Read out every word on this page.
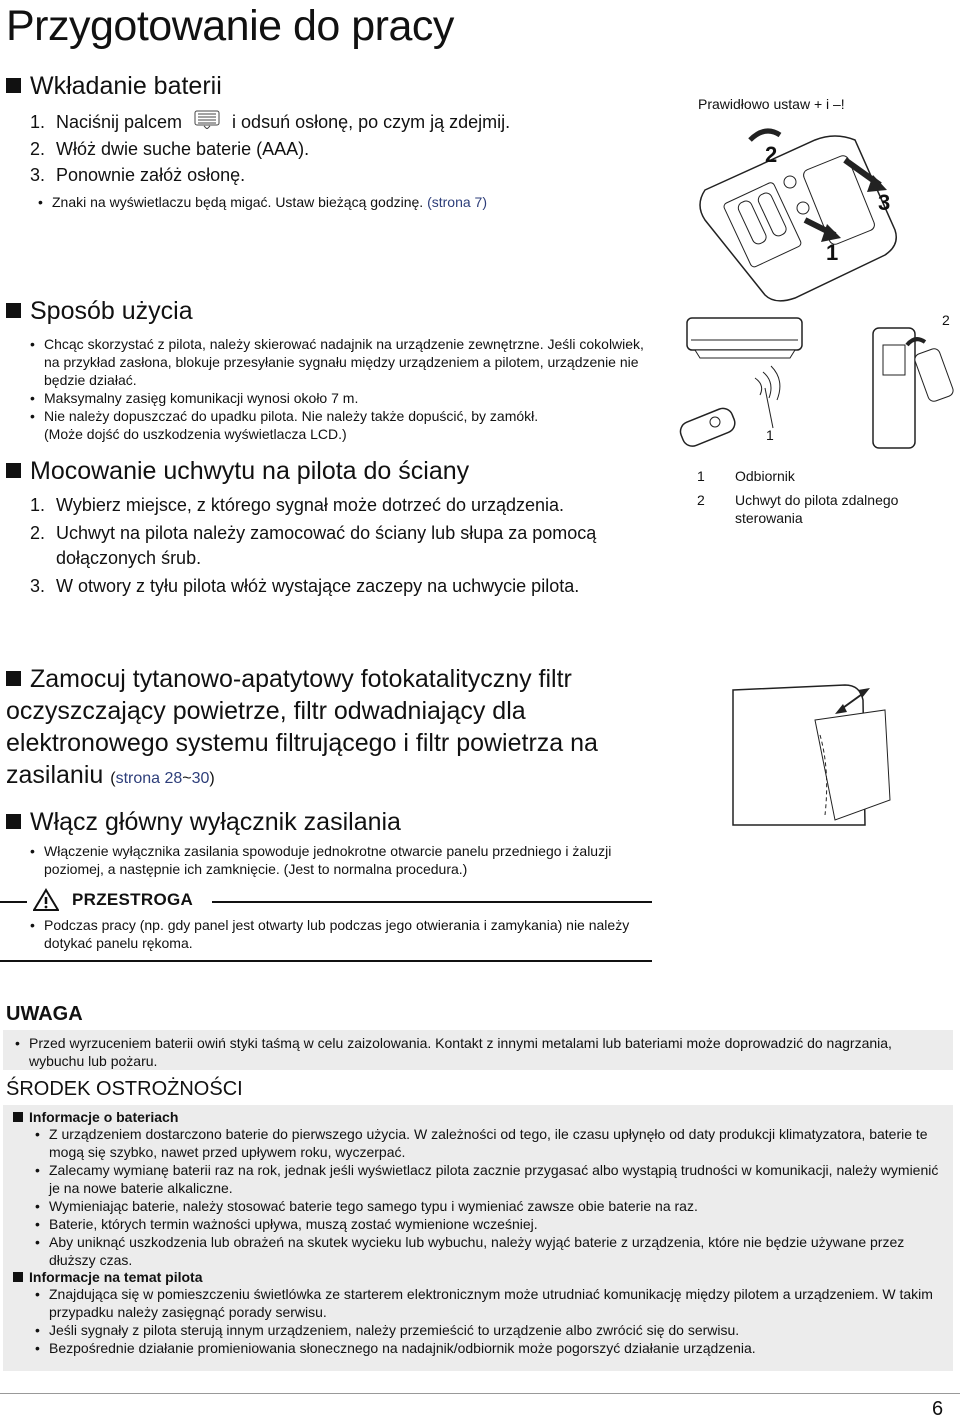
Przygotowanie do pracy
Wkładanie baterii
1. Naciśnij palcem	i odsuń osłonę, po czym ją zdejmij.
2. Włóż dwie suche baterie (AAA).
3. Ponownie załóż osłonę.
• Znaki na wyświetlaczu będą migać. Ustaw bieżącą godzinę. (strona 7)
Prawidłowo ustaw + i –!
2
3
1
Sposób użycia
• Chcąc skorzystać z pilota, należy skierować nadajnik na urządzenie zewnętrzne. Jeśli cokolwiek, na przykład zasłona, blokuje przesyłanie sygnału między urządzeniem a pilotem, urządzenie nie będzie działać.
• Maksymalny zasięg komunikacji wynosi około 7 m.
• Nie należy dopuszczać do upadku pilota. Nie należy także dopuścić, by zamókł.
(Może dojść do uszkodzenia wyświetlacza LCD.)	1
2
Mocowanie uchwytu na pilota do ściany
1. Wybierz miejsce, z którego sygnał może dotrzeć do urządzenia.
2. Uchwyt na pilota należy zamocować do ściany lub słupa za pomocą dołączonych śrub.
3. W otwory z tyłu pilota włóż wystające zaczepy na uchwycie pilota.
1	Odbiornik
2	Uchwyt do pilota zdalnego sterowania
Zamocuj tytanowo-apatytowy fotokatalityczny filtr oczyszczający powietrze, filtr odwadniający dla elektronowego systemu filtrującego i filtr powietrza na zasilaniu (strona 28~30)
Włącz główny wyłącznik zasilania
• Włączenie wyłącznika zasilania spowoduje jednokrotne otwarcie panelu przedniego i żaluzji poziomej, a następnie ich zamknięcie. (Jest to normalna procedura.)
PRZESTROGA
• Podczas pracy (np. gdy panel jest otwarty lub podczas jego otwierania i zamykania) nie należy dotykać panelu rękoma.
UWAGA
• Przed wyrzuceniem baterii owiń styki taśmą w celu zaizolowania. Kontakt z innymi metalami lub bateriami może doprowadzić do nagrzania, wybuchu lub pożaru.
ŚRODEK OSTROŻNOŚCI
Informacje o bateriach
• Z urządzeniem dostarczono baterie do pierwszego użycia. W zależności od tego, ile czasu upłynęło od daty produkcji klimatyzatora, baterie te mogą się szybko, nawet przed upływem roku, wyczerpać.
• Zalecamy wymianę baterii raz na rok, jednak jeśli wyświetlacz pilota zacznie przygasać albo wystąpią trudności w komunikacji, należy wymienić je na nowe baterie alkaliczne.
• Wymieniając baterie, należy stosować baterie tego samego typu i wymieniać zawsze obie baterie na raz.
• Baterie, których termin ważności upływa, muszą zostać wymienione wcześniej.
• Aby uniknąć uszkodzenia lub obrażeń na skutek wycieku lub wybuchu, należy wyjąć baterie z urządzenia, które nie będzie używane przez dłuższy czas.
Informacje na temat pilota
• Znajdująca się w pomieszczeniu świetlówka ze starterem elektronicznym może utrudniać komunikację między pilotem a urządzeniem. W takim przypadku należy zasięgnąć porady serwisu.
• Jeśli sygnały z pilota sterują innym urządzeniem, należy przemieścić to urządzenie albo zwrócić się do serwisu.
• Bezpośrednie działanie promieniowania słonecznego na nadajnik/odbiornik może pogorszyć działanie urządzenia.
6
